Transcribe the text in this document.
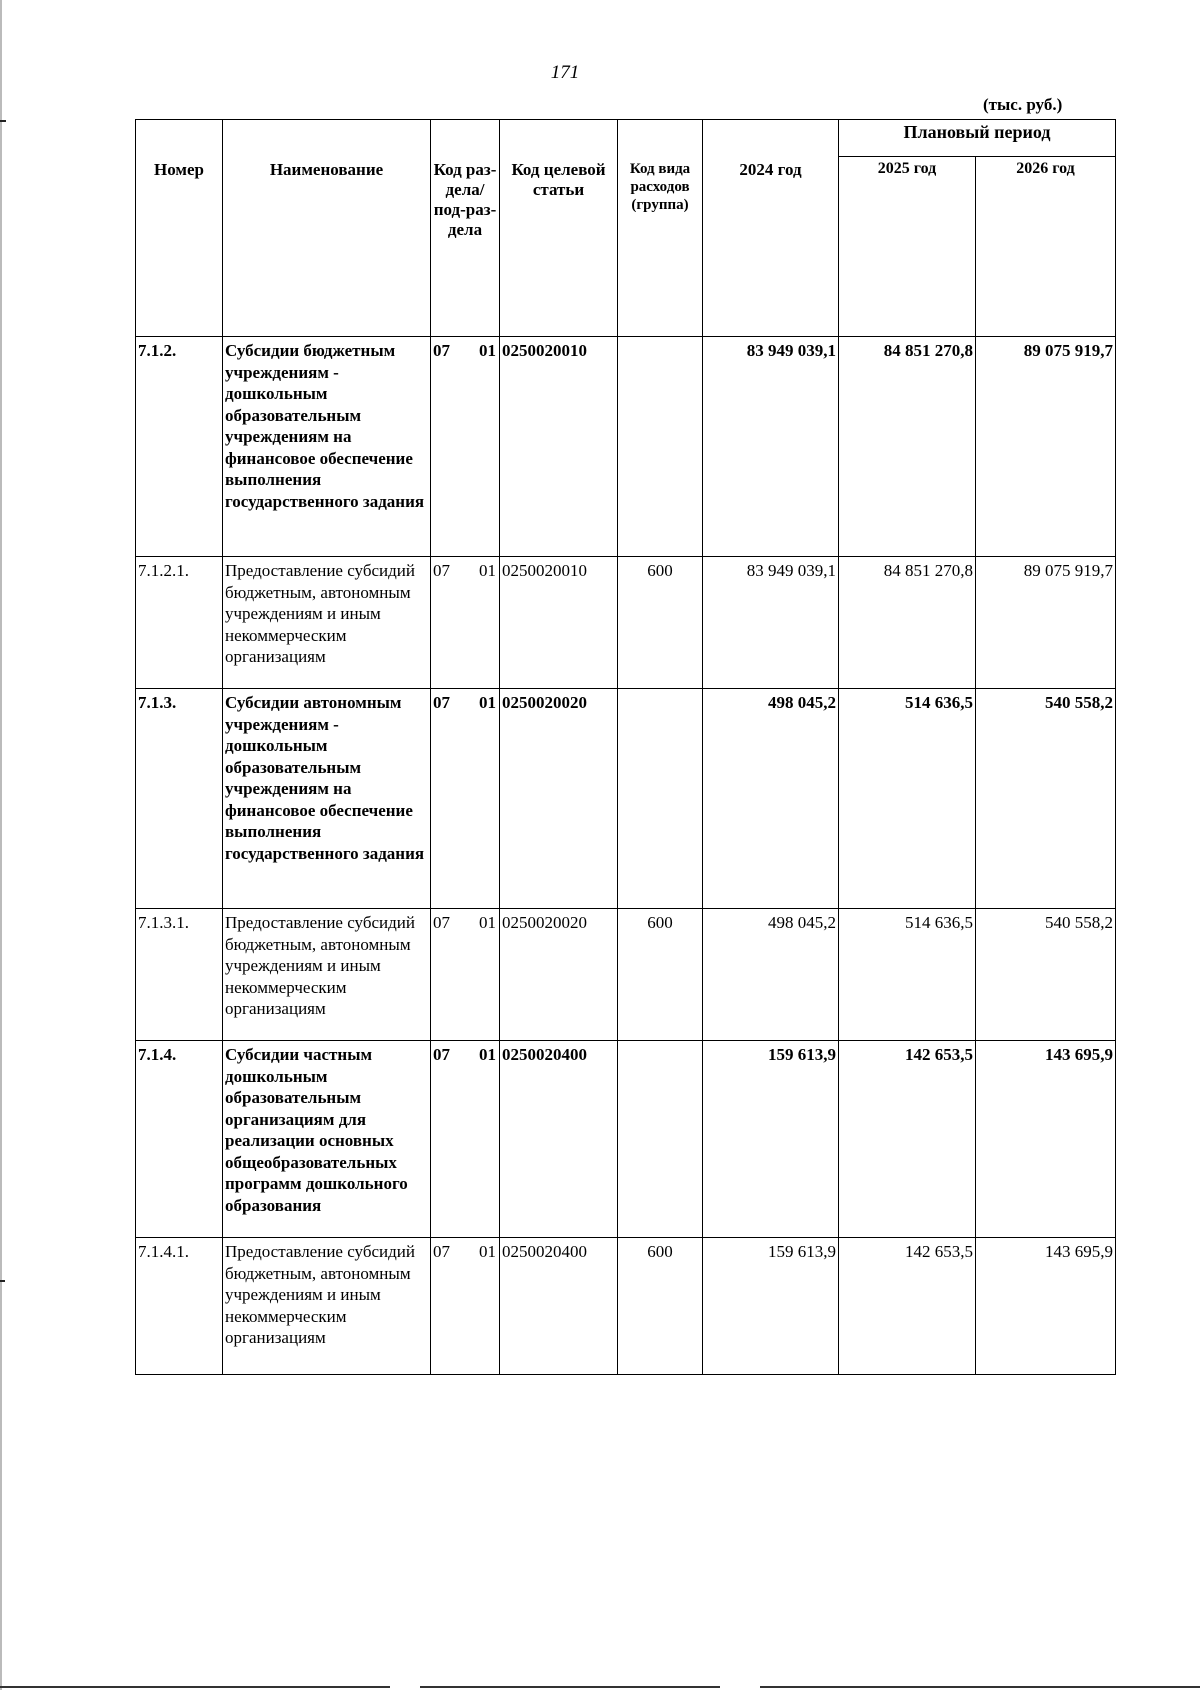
171
(тыс. руб.)
Номер	Наименование	Код раз-дела/ под-раз-дела	Код целевой статьи	Код вида расходов (группа)	2024 год	Плановый период	
						2025 год	2026 год
7.1.2.	Субсидии бюджетным учреждениям - дошкольным образовательным учреждениям на финансовое обеспечение выполнения государственного задания	07 01	0250020010		83 949 039,1	84 851 270,8	89 075 919,7
7.1.2.1.	Предоставление субсидий бюджетным, автономным учреждениям и иным некоммерческим организациям	07 01	0250020010	600	83 949 039,1	84 851 270,8	89 075 919,7
7.1.3.	Субсидии автономным учреждениям - дошкольным образовательным учреждениям на финансовое обеспечение выполнения государственного задания	07 01	0250020020		498 045,2	514 636,5	540 558,2
7.1.3.1.	Предоставление субсидий бюджетным, автономным учреждениям и иным некоммерческим организациям	07 01	0250020020	600	498 045,2	514 636,5	540 558,2
7.1.4.	Субсидии частным дошкольным образовательным организациям для реализации основных общеобразовательных программ дошкольного образования	07 01	0250020400		159 613,9	142 653,5	143 695,9
7.1.4.1.	Предоставление субсидий бюджетным, автономным учреждениям и иным некоммерческим организациям	07 01	0250020400	600	159 613,9	142 653,5	143 695,9
